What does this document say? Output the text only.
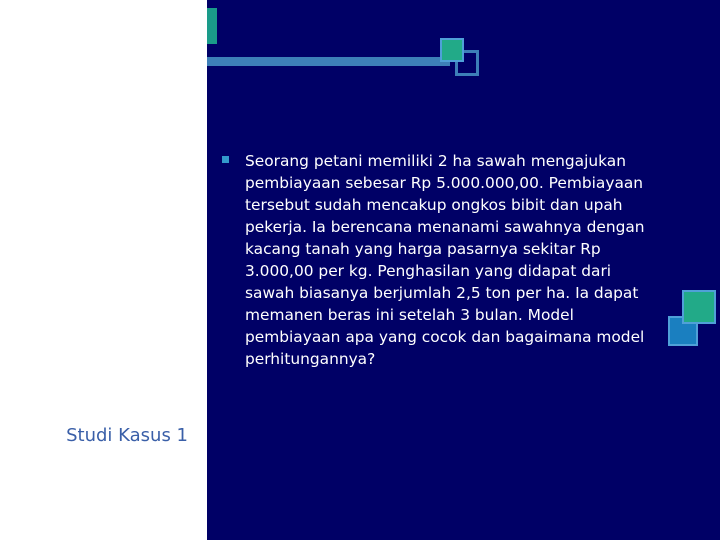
Seorang petani memiliki 2 ha sawah mengajukan pembiayaan sebesar Rp 5.000.000,00. Pembiayaan tersebut sudah mencakup ongkos bibit dan upah pekerja. Ia berencana menanami sawahnya dengan kacang tanah yang harga pasarnya sekitar Rp 3.000,00 per kg. Penghasilan yang didapat dari sawah biasanya berjumlah 2,5 ton per ha. Ia dapat memanen beras ini setelah 3 bulan. Model pembiayaan apa yang cocok dan bagaimana model perhitungannya?

Studi Kasus 1
